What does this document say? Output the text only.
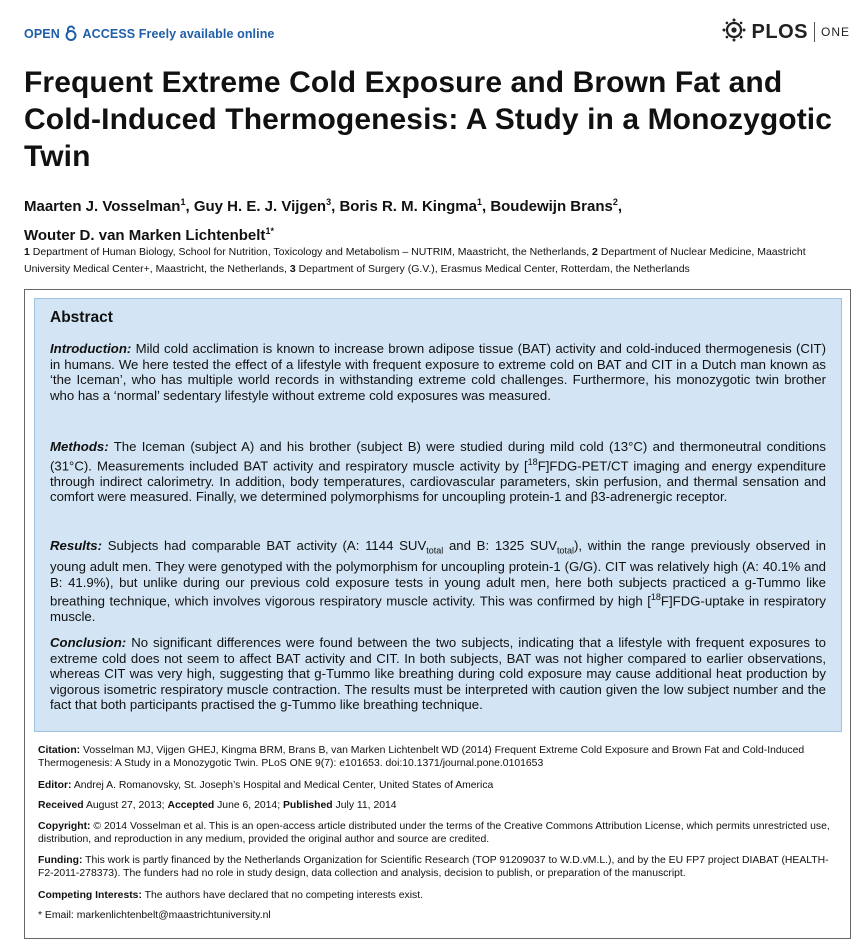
OPEN ACCESS Freely available online	PLOS ONE
Frequent Extreme Cold Exposure and Brown Fat and Cold-Induced Thermogenesis: A Study in a Monozygotic Twin
Maarten J. Vosselman$^1$, Guy H. E. J. Vijgen$^3$, Boris R. M. Kingma$^1$, Boudewijn Brans$^2$,
Wouter D. van Marken Lichtenbelt$^{1*}$
1 Department of Human Biology, School for Nutrition, Toxicology and Metabolism – NUTRIM, Maastricht, the Netherlands, 2 Department of Nuclear Medicine, Maastricht University Medical Center+, Maastricht, the Netherlands, 3 Department of Surgery (G.V.), Erasmus Medical Center, Rotterdam, the Netherlands
Abstract

Introduction: Mild cold acclimation is known to increase brown adipose tissue (BAT) activity and cold-induced thermogenesis (CIT) in humans. We here tested the effect of a lifestyle with frequent exposure to extreme cold on BAT and CIT in a Dutch man known as ‘the Iceman’, who has multiple world records in withstanding extreme cold challenges. Furthermore, his monozygotic twin brother who has a ‘normal’ sedentary lifestyle without extreme cold exposures was measured.

Methods: The Iceman (subject A) and his brother (subject B) were studied during mild cold (13°C) and thermoneutral conditions (31°C). Measurements included BAT activity and respiratory muscle activity by [$^{18}$F]FDG-PET/CT imaging and energy expenditure through indirect calorimetry. In addition, body temperatures, cardiovascular parameters, skin perfusion, and thermal sensation and comfort were measured. Finally, we determined polymorphisms for uncoupling protein-1 and β3-adrenergic receptor.

Results: Subjects had comparable BAT activity (A: 1144 $SUV_{total}$ and B: 1325 $SUV_{total}$), within the range previously observed in young adult men. They were genotyped with the polymorphism for uncoupling protein-1 (G/G). CIT was relatively high (A: 40.1% and B: 41.9%), but unlike during our previous cold exposure tests in young adult men, here both subjects practiced a g-Tummo like breathing technique, which involves vigorous respiratory muscle activity. This was confirmed by high [$^{18}$F]FDG-uptake in respiratory muscle.

Conclusion: No significant differences were found between the two subjects, indicating that a lifestyle with frequent exposures to extreme cold does not seem to affect BAT activity and CIT. In both subjects, BAT was not higher compared to earlier observations, whereas CIT was very high, suggesting that g-Tummo like breathing during cold exposure may cause additional heat production by vigorous isometric respiratory muscle contraction. The results must be interpreted with caution given the low subject number and the fact that both participants practised the g-Tummo like breathing technique.

Citation: Vosselman MJ, Vijgen GHEJ, Kingma BRM, Brans B, van Marken Lichtenbelt WD (2014) Frequent Extreme Cold Exposure and Brown Fat and Cold-Induced Thermogenesis: A Study in a Monozygotic Twin. PLoS ONE 9(7): e101653. doi:10.1371/journal.pone.0101653

Editor: Andrej A. Romanovsky, St. Joseph’s Hospital and Medical Center, United States of America

Received August 27, 2013; Accepted June 6, 2014; Published July 11, 2014

Copyright: © 2014 Vosselman et al. This is an open-access article distributed under the terms of the Creative Commons Attribution License, which permits unrestricted use, distribution, and reproduction in any medium, provided the original author and source are credited.

Funding: This work is partly financed by the Netherlands Organization for Scientific Research (TOP 91209037 to W.D.vM.L.), and by the EU FP7 project DIABAT (HEALTH-F2-2011-278373). The funders had no role in study design, data collection and analysis, decision to publish, or preparation of the manuscript.

Competing Interests: The authors have declared that no competing interests exist.

* Email: markenlichtenbelt@maastrichtuniversity.nl
